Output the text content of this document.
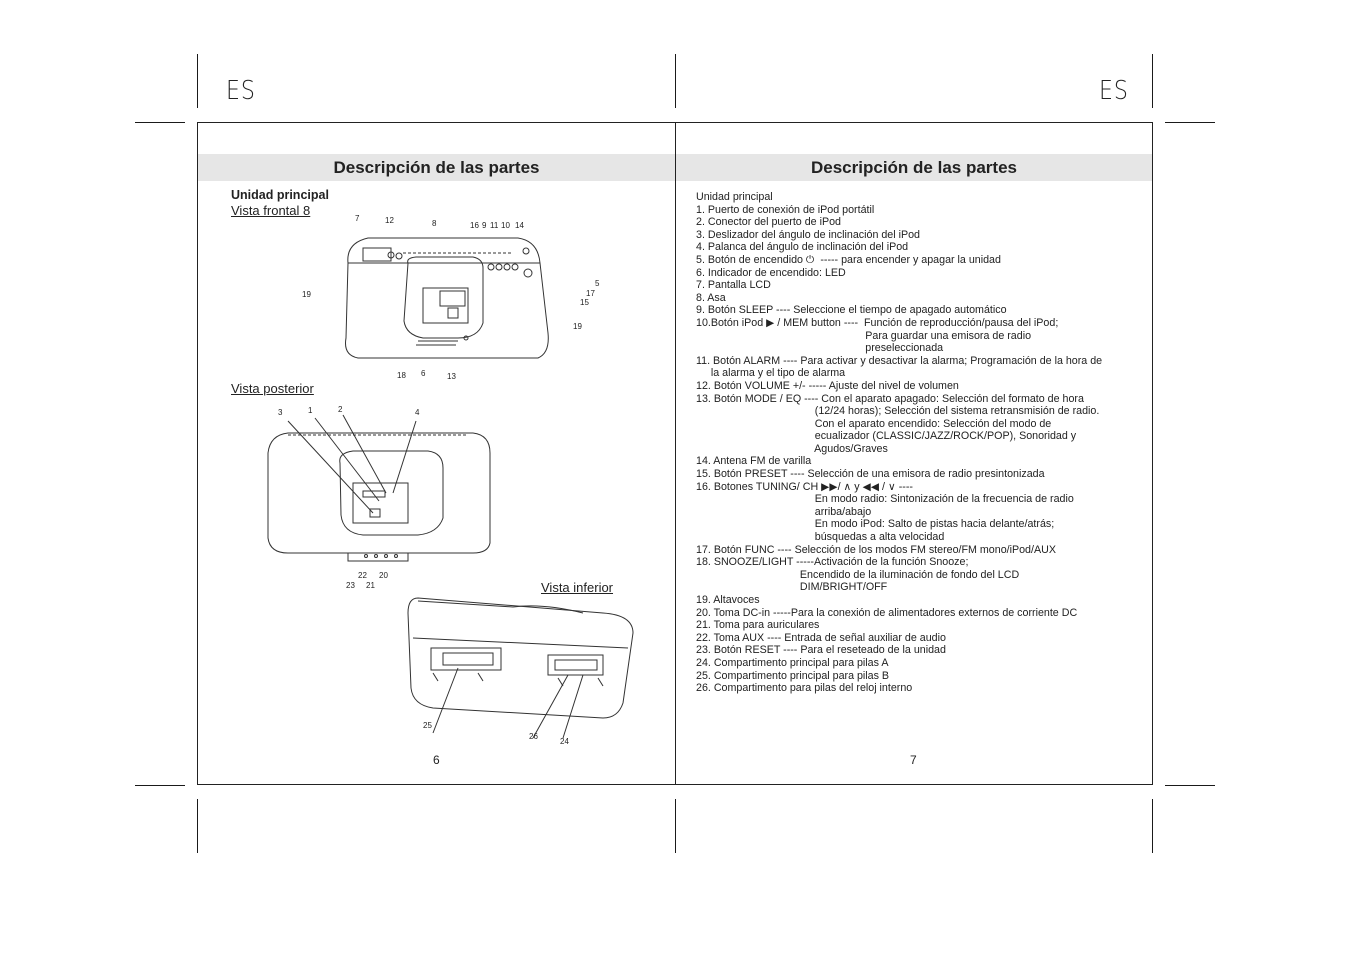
ES	ES
Descripción de las partes
Unidad principal
Vista frontal 8
Vista posterior
Vista inferior
6
7	12	8	16 9 11 10 14
5
17
15
19
19
18 6	13
3	1	2	4
22 20
23 21
25
26
24
Descripción de las partes
Unidad principal
1. Puerto de conexión de iPod portátil
2. Conector del puerto de iPod
3. Deslizador del ángulo de inclinación del iPod
4. Palanca del ángulo de inclinación del iPod
5. Botón de encendido ⏻  ----- para encender y apagar la unidad
6. Indicador de encendido: LED
7. Pantalla LCD
8. Asa
9. Botón SLEEP ---- Seleccione el tiempo de apagado automático
10.Botón iPod ▶ / MEM button ----  Función de reproducción/pausa del iPod;
Para guardar una emisora de radio
preseleccionada
11. Botón ALARM ---- Para activar y desactivar la alarma; Programación de la hora de
la alarma y el tipo de alarma
12. Botón VOLUME +/- ----- Ajuste del nivel de volumen
13. Botón MODE / EQ ---- Con el aparato apagado: Selección del formato de hora
(12/24 horas); Selección del sistema retransmisión de radio.
Con el aparato encendido: Selección del modo de
ecualizador (CLASSIC/JAZZ/ROCK/POP), Sonoridad y
Agudos/Graves
14. Antena FM de varilla
15. Botón PRESET ---- Selección de una emisora de radio presintonizada
16. Botones TUNING/ CH ▶▶/ ∧ y ◀◀ / ∨ ----
En modo radio: Sintonización de la frecuencia de radio
arriba/abajo
En modo iPod: Salto de pistas hacia delante/atrás;
búsquedas a alta velocidad
17. Botón FUNC ---- Selección de los modos FM stereo/FM mono/iPod/AUX
18. SNOOZE/LIGHT -----Activación de la función Snooze;
Encendido de la iluminación de fondo del LCD
DIM/BRIGHT/OFF
19. Altavoces
20. Toma DC-in -----Para la conexión de alimentadores externos de corriente DC
21. Toma para auriculares
22. Toma AUX ---- Entrada de señal auxiliar de audio
23. Botón RESET ---- Para el reseteado de la unidad
24. Compartimento principal para pilas A
25. Compartimento principal para pilas B
26. Compartimento para pilas del reloj interno
7
